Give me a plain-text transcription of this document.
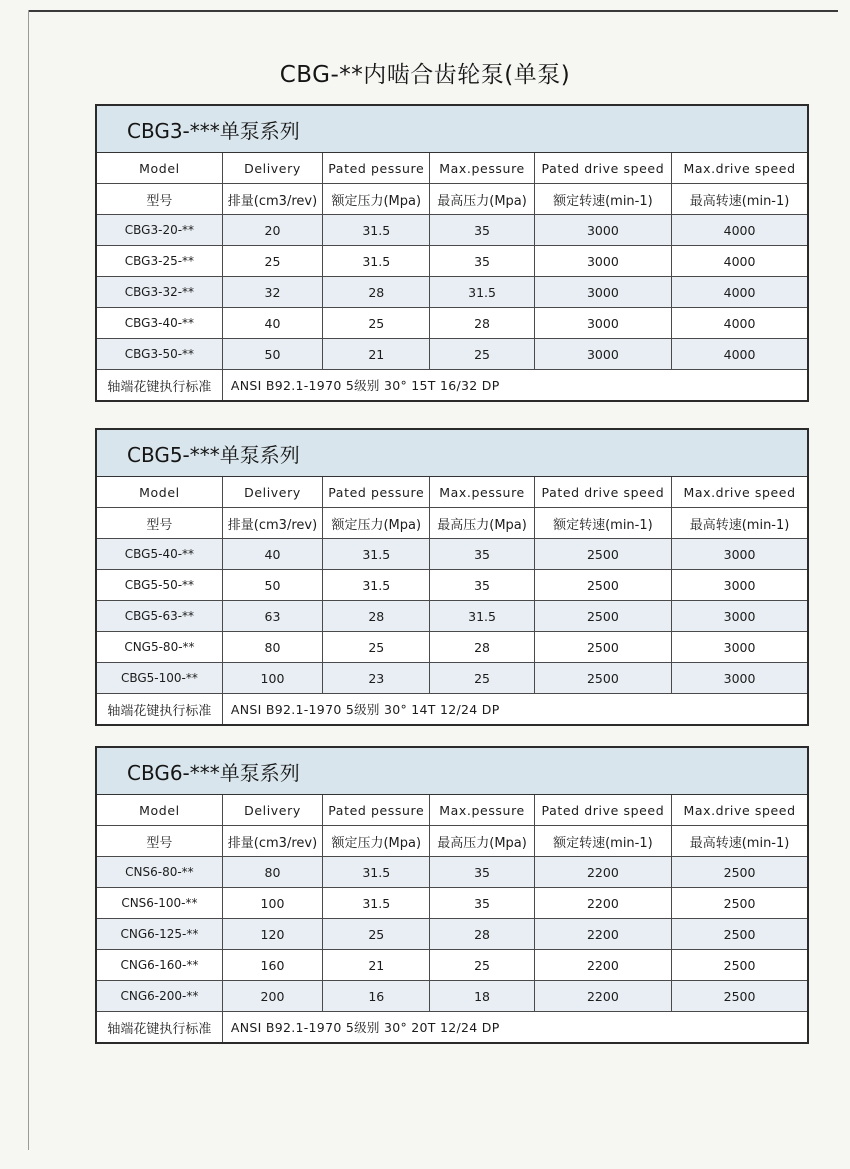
CBG-**内啮合齿轮泵(单泵)
CBG3-***单泵系列
Model	Delivery	Pated pessure	Max.pessure	Pated drive speed	Max.drive speed
型号	排量(cm3/rev)	额定压力(Mpa)	最高压力(Mpa)	额定转速(min-1)	最高转速(min-1)
CBG3-20-**	20	31.5	35	3000	4000
CBG3-25-**	25	31.5	35	3000	4000
CBG3-32-**	32	28	31.5	3000	4000
CBG3-40-**	40	25	28	3000	4000
CBG3-50-**	50	21	25	3000	4000
轴端花键执行标准	ANSI B92.1-1970 5级别 30° 15T 16/32 DP				
CBG5-***单泵系列
Model	Delivery	Pated pessure	Max.pessure	Pated drive speed	Max.drive speed
型号	排量(cm3/rev)	额定压力(Mpa)	最高压力(Mpa)	额定转速(min-1)	最高转速(min-1)
CBG5-40-**	40	31.5	35	2500	3000
CBG5-50-**	50	31.5	35	2500	3000
CBG5-63-**	63	28	31.5	2500	3000
CNG5-80-**	80	25	28	2500	3000
CBG5-100-**	100	23	25	2500	3000
轴端花键执行标准	ANSI B92.1-1970 5级别 30° 14T 12/24 DP				
CBG6-***单泵系列
Model	Delivery	Pated pessure	Max.pessure	Pated drive speed	Max.drive speed
型号	排量(cm3/rev)	额定压力(Mpa)	最高压力(Mpa)	额定转速(min-1)	最高转速(min-1)
CNS6-80-**	80	31.5	35	2200	2500
CNS6-100-**	100	31.5	35	2200	2500
CNG6-125-**	120	25	28	2200	2500
CNG6-160-**	160	21	25	2200	2500
CNG6-200-**	200	16	18	2200	2500
轴端花键执行标准	ANSI B92.1-1970 5级别 30° 20T 12/24 DP				
